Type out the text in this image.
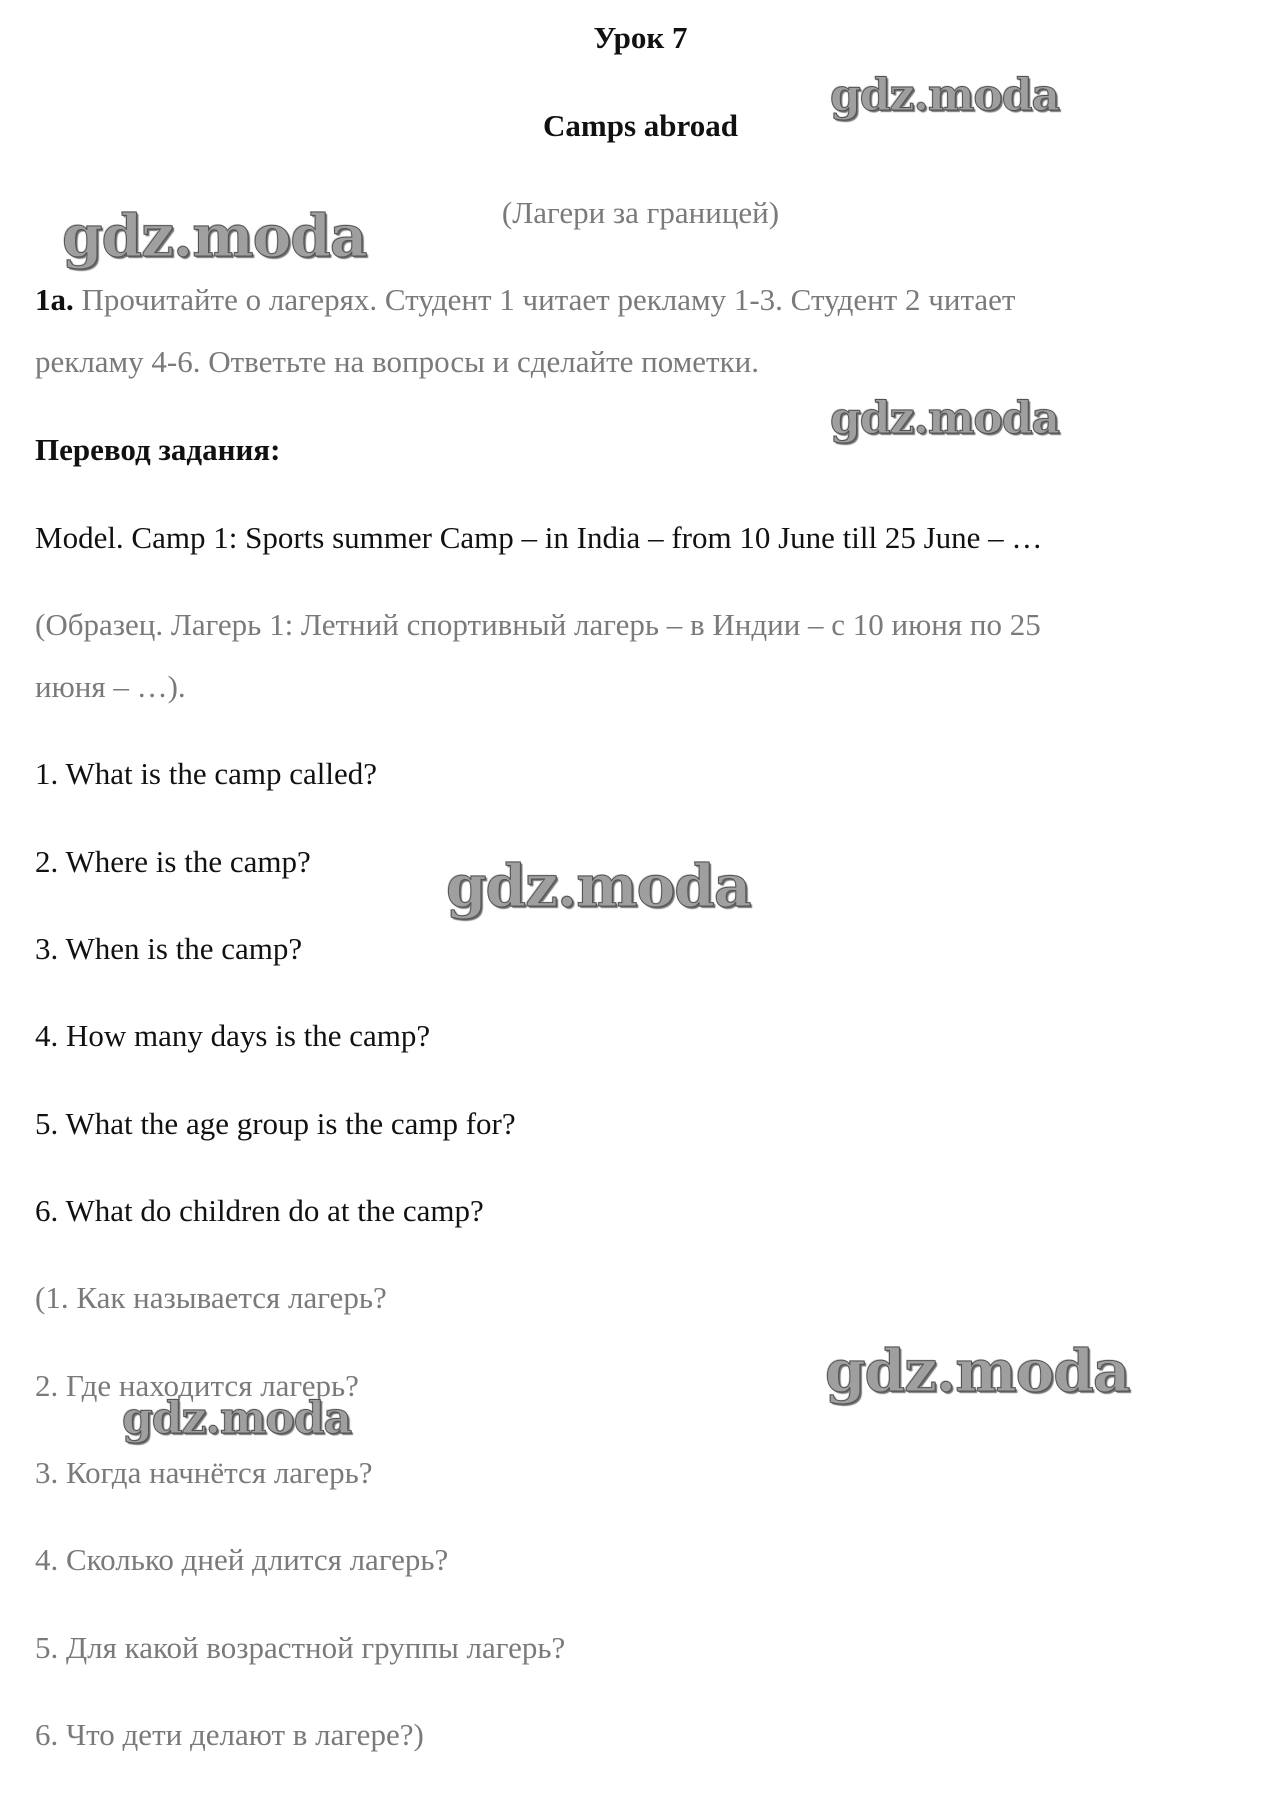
Урок 7

Camps abroad

(Лагери за границей)

1a. Прочитайте о лагерях. Студент 1 читает рекламу 1-3. Студент 2 читает

рекламу 4-6. Ответьте на вопросы и сделайте пометки.

Перевод задания:

Model. Camp 1: Sports summer Camp – in India – from 10 June till 25 June – …

(Образец. Лагерь 1: Летний спортивный лагерь – в Индии – с 10 июня по 25

июня – …).

1. What is the camp called?

2. Where is the camp?

3. When is the camp?

4. How many days is the camp?

5. What the age group is the camp for?

6. What do children do at the camp?

(1. Как называется лагерь?

2. Где находится лагерь?

3. Когда начнётся лагерь?

4. Сколько дней длится лагерь?

5. Для какой возрастной группы лагерь?

6. Что дети делают в лагере?)

gdz.moda
gdz.moda
gdz.moda
gdz.moda
gdz.moda
gdz.moda
